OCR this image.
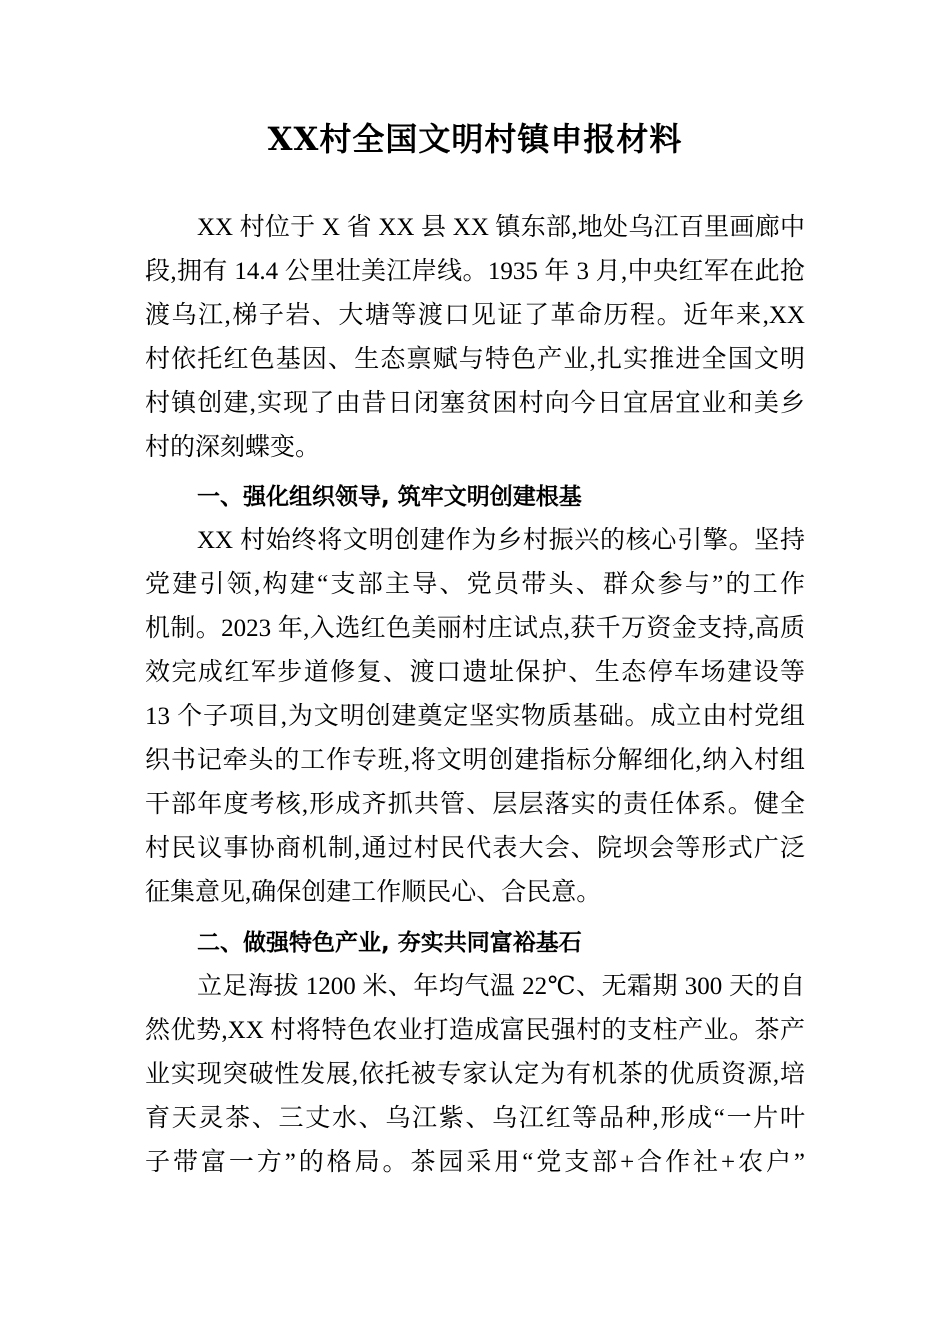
XX村全国文明村镇申报材料
XX 村位于 X 省 XX 县 XX 镇东部,地处乌江百里画廊中
段,拥有 14.4 公里壮美江岸线。1935 年 3 月,中央红军在此抢
渡乌江,梯子岩、大塘等渡口见证了革命历程。近年来,XX
村依托红色基因、生态禀赋与特色产业,扎实推进全国文明
村镇创建,实现了由昔日闭塞贫困村向今日宜居宜业和美乡
村的深刻蝶变。
一、强化组织领导, 筑牢文明创建根基
XX 村始终将文明创建作为乡村振兴的核心引擎。坚持
党建引领,构建“支部主导、党员带头、群众参与”的工作
机制。2023 年,入选红色美丽村庄试点,获千万资金支持,高质
效完成红军步道修复、渡口遗址保护、生态停车场建设等
13 个子项目,为文明创建奠定坚实物质基础。成立由村党组
织书记牵头的工作专班,将文明创建指标分解细化,纳入村组
干部年度考核,形成齐抓共管、层层落实的责任体系。健全
村民议事协商机制,通过村民代表大会、院坝会等形式广泛
征集意见,确保创建工作顺民心、合民意。
二、做强特色产业, 夯实共同富裕基石
立足海拔 1200 米、年均气温 22℃、无霜期 300 天的自
然优势,XX 村将特色农业打造成富民强村的支柱产业。茶产
业实现突破性发展,依托被专家认定为有机茶的优质资源,培
育天灵茶、三丈水、乌江紫、乌江红等品种,形成“一片叶
子带富一方”的格局。茶园采用“党支部+合作社+农户”
